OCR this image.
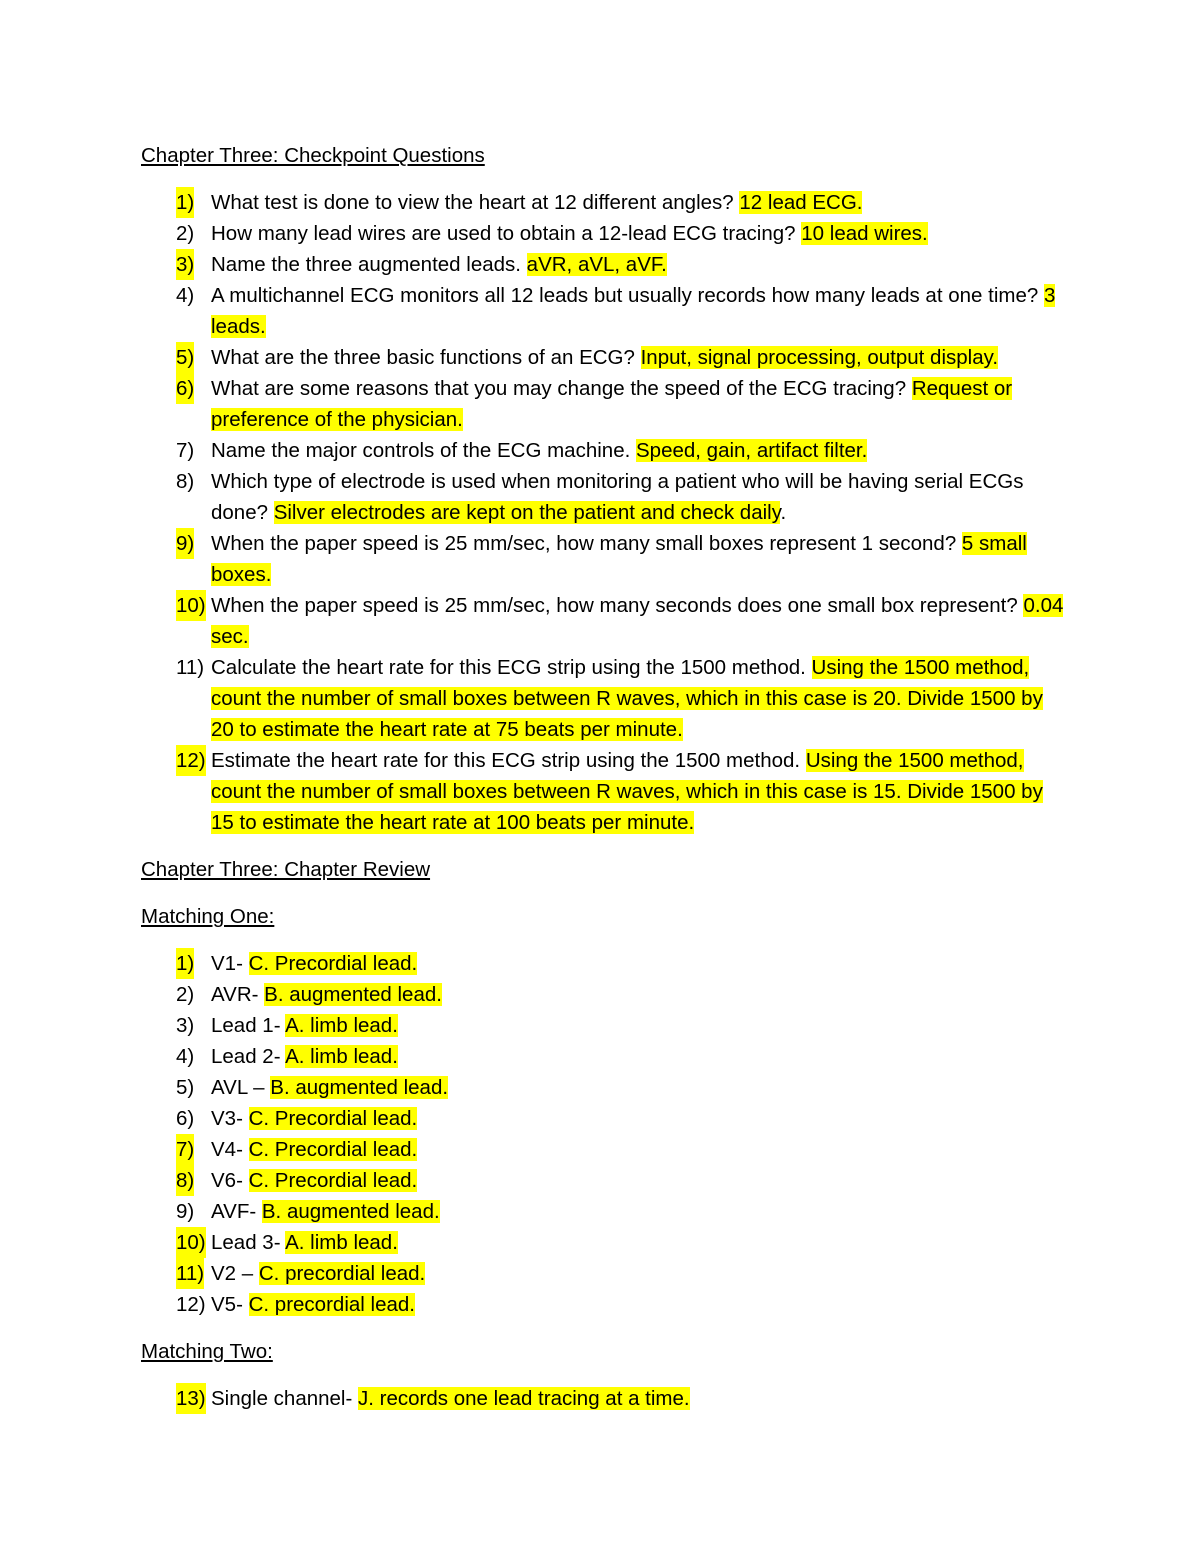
Chapter Three: Checkpoint Questions

1) What test is done to view the heart at 12 different angles? 12 lead ECG.
2) How many lead wires are used to obtain a 12-lead ECG tracing? 10 lead wires.
3) Name the three augmented leads. aVR, aVL, aVF.
4) A multichannel ECG monitors all 12 leads but usually records how many leads at one time? 3 leads.
5) What are the three basic functions of an ECG? Input, signal processing, output display.
6) What are some reasons that you may change the speed of the ECG tracing? Request or preference of the physician.
7) Name the major controls of the ECG machine. Speed, gain, artifact filter.
8) Which type of electrode is used when monitoring a patient who will be having serial ECGs done? Silver electrodes are kept on the patient and check daily.
9) When the paper speed is 25 mm/sec, how many small boxes represent 1 second? 5 small boxes.
10) When the paper speed is 25 mm/sec, how many seconds does one small box represent? 0.04 sec.
11) Calculate the heart rate for this ECG strip using the 1500 method. Using the 1500 method, count the number of small boxes between R waves, which in this case is 20. Divide 1500 by 20 to estimate the heart rate at 75 beats per minute.
12) Estimate the heart rate for this ECG strip using the 1500 method. Using the 1500 method, count the number of small boxes between R waves, which in this case is 15. Divide 1500 by 15 to estimate the heart rate at 100 beats per minute.

Chapter Three: Chapter Review

Matching One:

1) V1- C. Precordial lead.
2) AVR- B. augmented lead.
3) Lead 1- A. limb lead.
4) Lead 2- A. limb lead.
5) AVL – B. augmented lead.
6) V3- C. Precordial lead.
7) V4- C. Precordial lead.
8) V6- C. Precordial lead.
9) AVF- B. augmented lead.
10) Lead 3- A. limb lead.
11) V2 – C. precordial lead.
12) V5- C. precordial lead.

Matching Two:

13) Single channel- J. records one lead tracing at a time.
